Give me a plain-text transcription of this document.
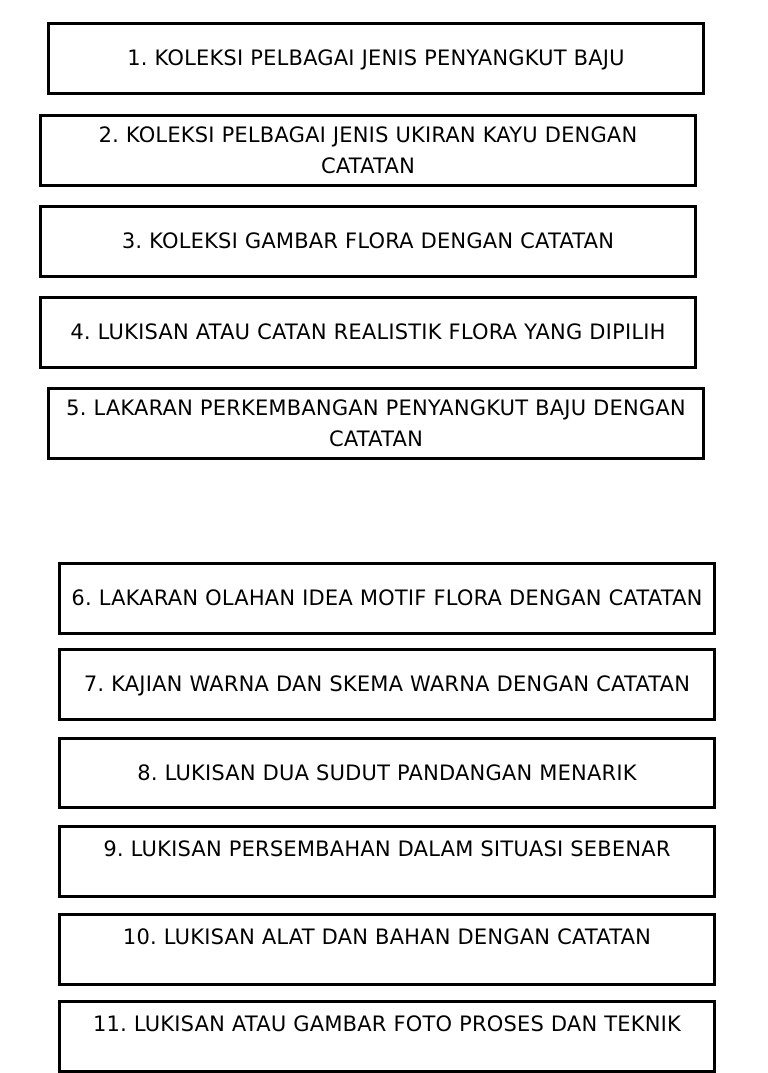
1. KOLEKSI PELBAGAI JENIS PENYANGKUT BAJU
2. KOLEKSI PELBAGAI JENIS UKIRAN KAYU DENGAN CATATAN
3. KOLEKSI GAMBAR FLORA DENGAN CATATAN
4. LUKISAN ATAU CATAN REALISTIK FLORA YANG DIPILIH
5. LAKARAN PERKEMBANGAN PENYANGKUT BAJU DENGAN CATATAN
6. LAKARAN OLAHAN IDEA MOTIF FLORA DENGAN CATATAN
7. KAJIAN WARNA DAN SKEMA WARNA DENGAN CATATAN
8. LUKISAN DUA SUDUT PANDANGAN MENARIK
9. LUKISAN PERSEMBAHAN DALAM SITUASI SEBENAR
10. LUKISAN ALAT DAN BAHAN DENGAN CATATAN
11. LUKISAN ATAU GAMBAR FOTO PROSES DAN TEKNIK
